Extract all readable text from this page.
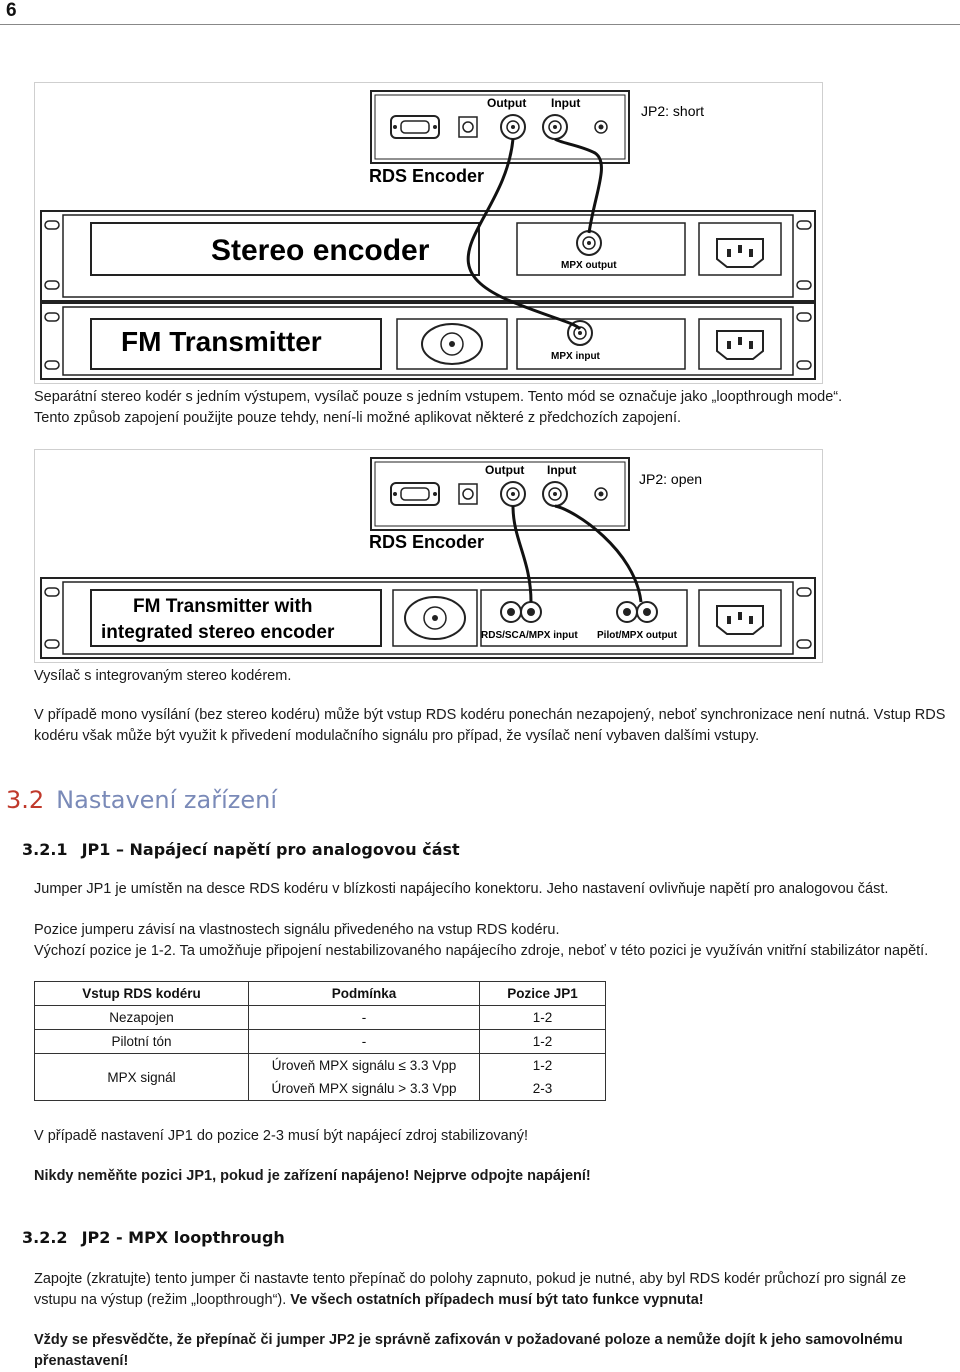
6
Output Input	JP2: short
RDS Encoder
Stereo encoder	MPX output
FM Transmitter	MPX input
Separátní stereo kodér s jedním výstupem, vysílač pouze s jedním vstupem. Tento mód se označuje jako „loopthrough mode“.
Tento způsob zapojení použijte pouze tehdy, není-li možné aplikovat některé z předchozích zapojení.
Output Input
JP2: open
RDS Encoder
FM Transmitter with
integrated stereo encoder	RDS/SCA/MPX input Pilot/MPX output
Vysílač s integrovaným stereo kodérem.
V případě mono vysílání (bez stereo kodéru) může být vstup RDS kodéru ponechán nezapojený, neboť synchronizace není nutná. Vstup RDS
kodéru však může být využit k přivedení modulačního signálu pro případ, že vysílač není vybaven dalšími vstupy.
3.2 Nastavení zařízení
3.2.1 JP1 – Napájecí napětí pro analogovou část
Jumper JP1 je umístěn na desce RDS kodéru v blízkosti napájecího konektoru. Jeho nastavení ovlivňuje napětí pro analogovou část.
Pozice jumperu závisí na vlastnostech signálu přivedeného na vstup RDS kodéru.
Výchozí pozice je 1-2. Ta umožňuje připojení nestabilizovaného napájecího zdroje, neboť v této pozici je využíván vnitřní stabilizátor napětí.
Vstup RDS kodéru	Podmínka	Pozice JP1
Nezapojen	-	1-2
Pilotní tón	-	1-2
MPX signál	Úroveň MPX signálu ≤ 3.3 Vpp	1-2
	Úroveň MPX signálu > 3.3 Vpp	2-3
V případě nastavení JP1 do pozice 2-3 musí být napájecí zdroj stabilizovaný!
Nikdy neměňte pozici JP1, pokud je zařízení napájeno! Nejprve odpojte napájení!
3.2.2 JP2 - MPX loopthrough
Zapojte (zkratujte) tento jumper či nastavte tento přepínač do polohy zapnuto, pokud je nutné, aby byl RDS kodér průchozí pro signál ze
vstupu na výstup (režim „loopthrough“). Ve všech ostatních případech musí být tato funkce vypnuta!
Vždy se přesvědčte, že přepínač či jumper JP2 je správně zafixován v požadované poloze a nemůže dojít k jeho samovolnému
přenastavení!
